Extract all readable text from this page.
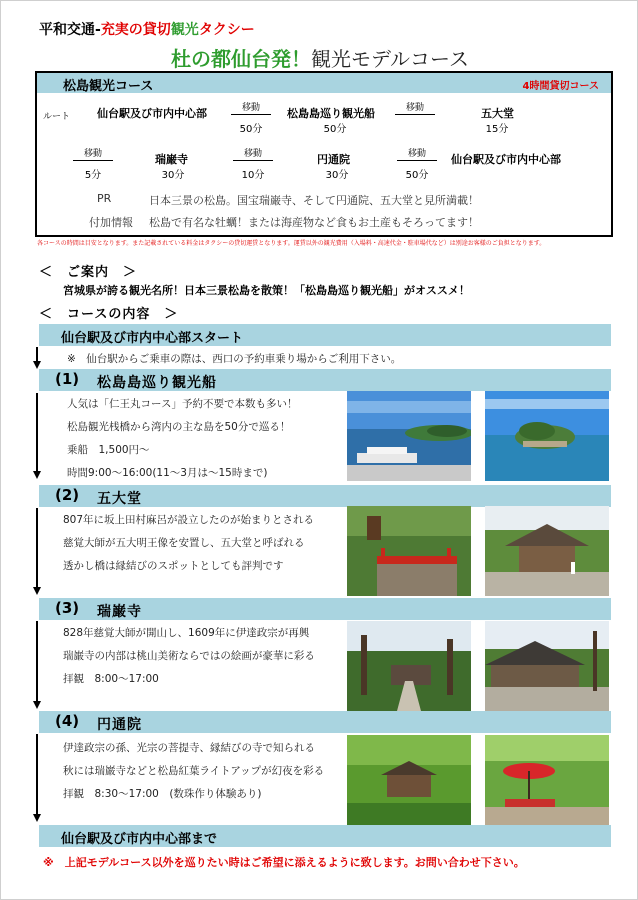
平和交通-充実の貸切観光タクシー
杜の都仙台発！観光モデルコース
松島観光コース	4時間貸切コース
ルート 仙台駅及び市内中心部	移動
50分
松島島巡り観光船
50分
移動
15分
五大堂
移動
5分
瑞巌寺
30分
移動
10分
円通院
30分
移動
50分
仙台駅及び市内中心部
PR	日本三景の松島。国宝瑞巌寺、そして円通院、五大堂と見所満載！
付加情報 松島で有名な牡蠣！または海産物など食もお土産もそろってます！
各コースの時間は目安となります。また記載されている料金はタクシーの貸切運賃となります。運賃以外の観光費用（入場料・高速代金・駐車場代など）は別途お客様のご負担となります。
＜　ご案内　＞
宮城県が誇る観光名所！日本三景松島を散策！「松島島巡り観光船」がオススメ！
＜　コースの内容　＞
仙台駅及び市内中心部スタート
※　仙台駅からご乗車の際は、西口の予約車乗り場からご利用下さい。
(1) 松島島巡り観光船
人気は「仁王丸コース」予約不要で本数も多い！
松島観光桟橋から湾内の主な島を50分で巡る！
乗船　1,500円～
時間9:00～16:00(11～3月は～15時まで)
(2) 五大堂
807年に坂上田村麻呂が設立したのが始まりとされる
慈覚大師が五大明王像を安置し、五大堂と呼ばれる
透かし橋は縁結びのスポットとしても評判です
(3) 瑞巌寺
828年慈覚大師が開山し、1609年に伊達政宗が再興
瑞巌寺の内部は桃山美術ならではの絵画が豪華に彩る
拝観　8:00～17:00
(4) 円通院
伊達政宗の孫、光宗の菩提寺、縁結びの寺で知られる
秋には瑞巌寺などと松島紅葉ライトアップが幻夜を彩る
拝観　8:30～17:00　(数珠作り体験あり)
仙台駅及び市内中心部まで
※　上記モデルコース以外を巡りたい時はご希望に添えるように致します。お問い合わせ下さい。
